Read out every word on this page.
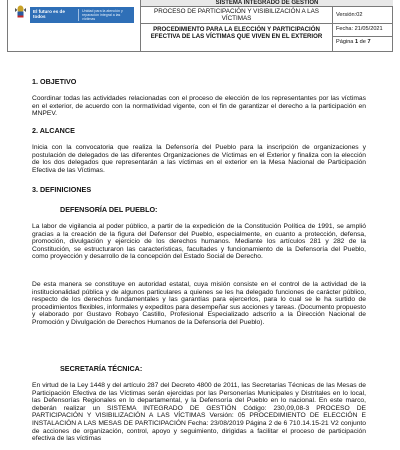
El futuro es de todos
Unidad para la atención y reparación integral a las víctimas
SISTEMA INTEGRADO DE GESTIÓN
PROCESO DE PARTICIPACIÓN Y VISIBILIZACIÓN A LAS VÍCTIMAS
Versión:02
PROCEDIMIENTO PARA LA ELECCIÓN Y PARTICIPACIÓN EFECTIVA DE LAS VÍCTIMAS QUE VIVEN EN EL EXTERIOR
Fecha: 21/05/2021
Página 1 de 7
1. OBJETIVO

Coordinar todas las actividades relacionadas con el proceso de elección de los representantes por las víctimas en el exterior, de acuerdo con la normatividad vigente, con el fin de garantizar el derecho a la participación en MNPEV.

2. ALCANCE

Inicia con la convocatoria que realiza la Defensoría del Pueblo para la inscripción de organizaciones y postulación de delegados de las diferentes Organizaciones de Víctimas en el Exterior y finaliza con la elección de los dos delegados que representarán a las víctimas en el exterior en la Mesa Nacional de Participación Efectiva de las Víctimas.

3. DEFINICIONES
DEFENSORÍA DEL PUEBLO:

La labor de vigilancia al poder público, a partir de la expedición de la Constitución Política de 1991, se amplió gracias a la creación de la figura del Defensor del Pueblo, especialmente, en cuanto a protección, defensa, promoción, divulgación y ejercicio de los derechos humanos. Mediante los artículos 281 y 282 de la Constitución, se estructuraron las características, facultades y funcionamiento de la Defensoría del Pueblo, como proyección y desarrollo de la concepción del Estado Social de Derecho.

De esta manera se constituye en autoridad estatal, cuya misión consiste en el control de la actividad de la institucionalidad pública y de algunos particulares a quienes se les ha delegado funciones de carácter público, respecto de los derechos fundamentales y las garantías para ejercerlos, para lo cual se le ha surtido de procedimientos flexibles, informales y expeditos para desempeñar sus acciones y tareas. (Documento propuesto y elaborado por Gustavo Robayo Castillo, Profesional Especializado adscrito a la Dirección Nacional de Promoción y Divulgación de Derechos Humanos de la Defensoría del Pueblo).

SECRETARÍA TÉCNICA:

En virtud de la Ley 1448 y del artículo 287 del Decreto 4800 de 2011, las Secretarías Técnicas de las Mesas de Participación Efectiva de las Víctimas serán ejercidas por las Personerías Municipales y Distritales en lo local, las Defensorías Regionales en lo departamental, y la Defensoría del Pueblo en lo nacional. En este marco, deberán realizar un SISTEMA INTEGRADO DE GESTIÓN Código: 230,09,08-3 PROCESO DE PARTICIPACIÓN Y VISIBILIZACIÓN A LAS VÍCTIMAS Versión: 05 PROCEDIMIENTO DE ELECCIÓN E INSTALACIÓN A LAS MESAS DE PARTICIPACIÓN Fecha: 23/08/2019 Página 2 de 6 710.14.15-21 V2 conjunto de acciones de organización, control, apoyo y seguimiento, dirigidas a facilitar el proceso de participación efectiva de las víctimas
